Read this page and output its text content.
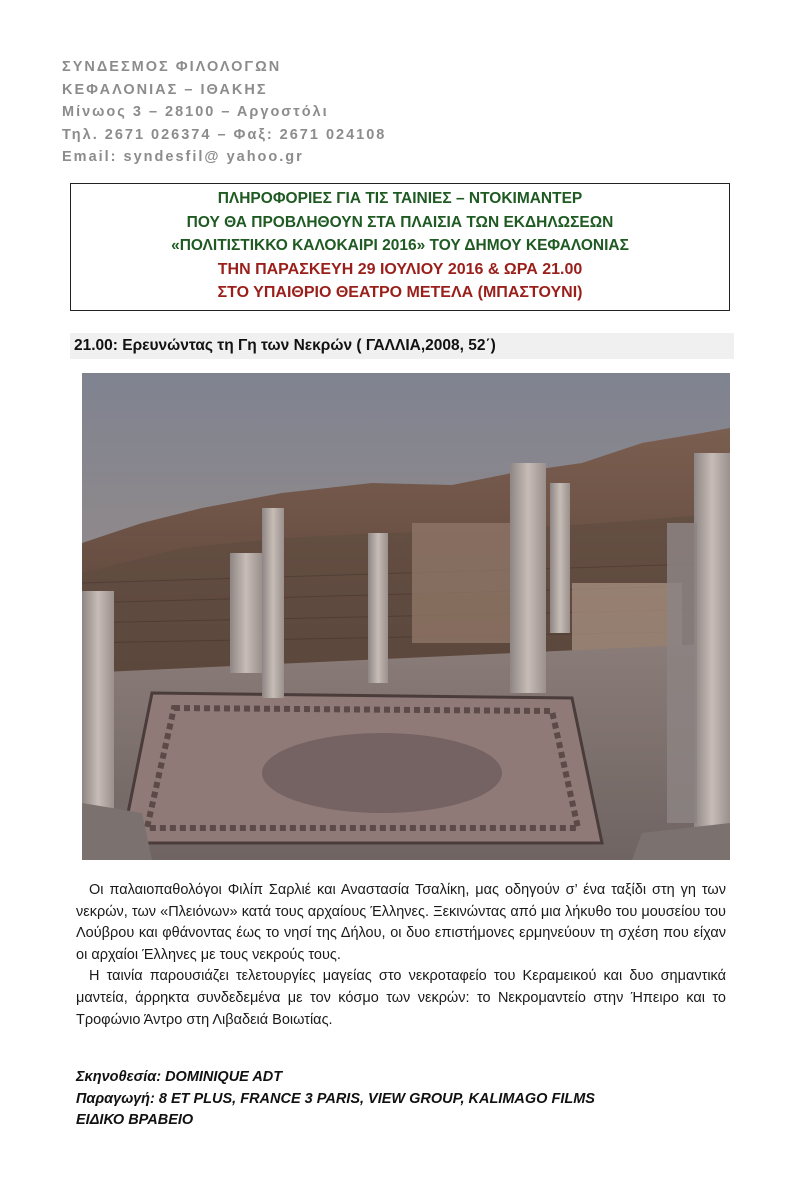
ΣΥΝΔΕΣΜΟΣ ΦΙΛΟΛΟΓΩΝ
ΚΕΦΑΛΟΝΙΑΣ – ΙΘΑΚΗΣ
Μίνωος 3 – 28100 – Αργοστόλι
Τηλ. 2671 026374 – Φαξ: 2671 024108
Email: syndesfil@ yahoo.gr
ΠΛΗΡΟΦΟΡΙΕΣ ΓΙΑ ΤΙΣ ΤΑΙΝΙΕΣ – ΝΤΟΚΙΜΑΝΤΕΡ
ΠΟΥ ΘΑ ΠΡΟΒΛΗΘΟΥΝ ΣΤΑ ΠΛΑΙΣΙΑ ΤΩΝ ΕΚΔΗΛΩΣΕΩΝ
«ΠΟΛΙΤΙΣΤΙΚΚΟ ΚΑΛΟΚΑΙΡΙ 2016» ΤΟΥ ΔΗΜΟΥ ΚΕΦΑΛΟΝΙΑΣ
ΤΗΝ ΠΑΡΑΣΚΕΥΗ 29 ΙΟΥΛΙΟΥ 2016 & ΩΡΑ 21.00
ΣΤΟ ΥΠΑΙΘΡΙΟ ΘΕΑΤΡΟ ΜΕΤΕΛΑ (ΜΠΑΣΤΟΥΝΙ)
21.00: Ερευνώντας τη Γη των Νεκρών ( ΓΑΛΛΙΑ,2008, 52΄)

Οι παλαιοπαθολόγοι Φιλίπ Σαρλιέ και Αναστασία Τσαλίκη, μας οδηγούν σ’ ένα ταξίδι στη γη των νεκρών, των «Πλειόνων» κατά τους αρχαίους Έλληνες. Ξεκινώντας από μια λήκυθο του μουσείου του Λούβρου και φθάνοντας έως το νησί της Δήλου, οι δυο επιστήμονες ερμηνεύουν τη σχέση που είχαν οι αρχαίοι Έλληνες με τους νεκρούς τους.

Η ταινία παρουσιάζει τελετουργίες μαγείας στο νεκροταφείο του Κεραμεικού και δυο σημαντικά μαντεία, άρρηκτα συνδεδεμένα με τον κόσμο των νεκρών: το Νεκρομαντείο στην Ήπειρο και το Τροφώνιο Άντρο στη Λιβαδειά Βοιωτίας.

Σκηνοθεσία: DOMINIQUE ADT
Παραγωγή: 8 ET PLUS, FRANCE 3 PARIS, VIEW GROUP, KALIMAGO FILMS
ΕΙΔΙΚΟ ΒΡΑΒΕΙΟ
